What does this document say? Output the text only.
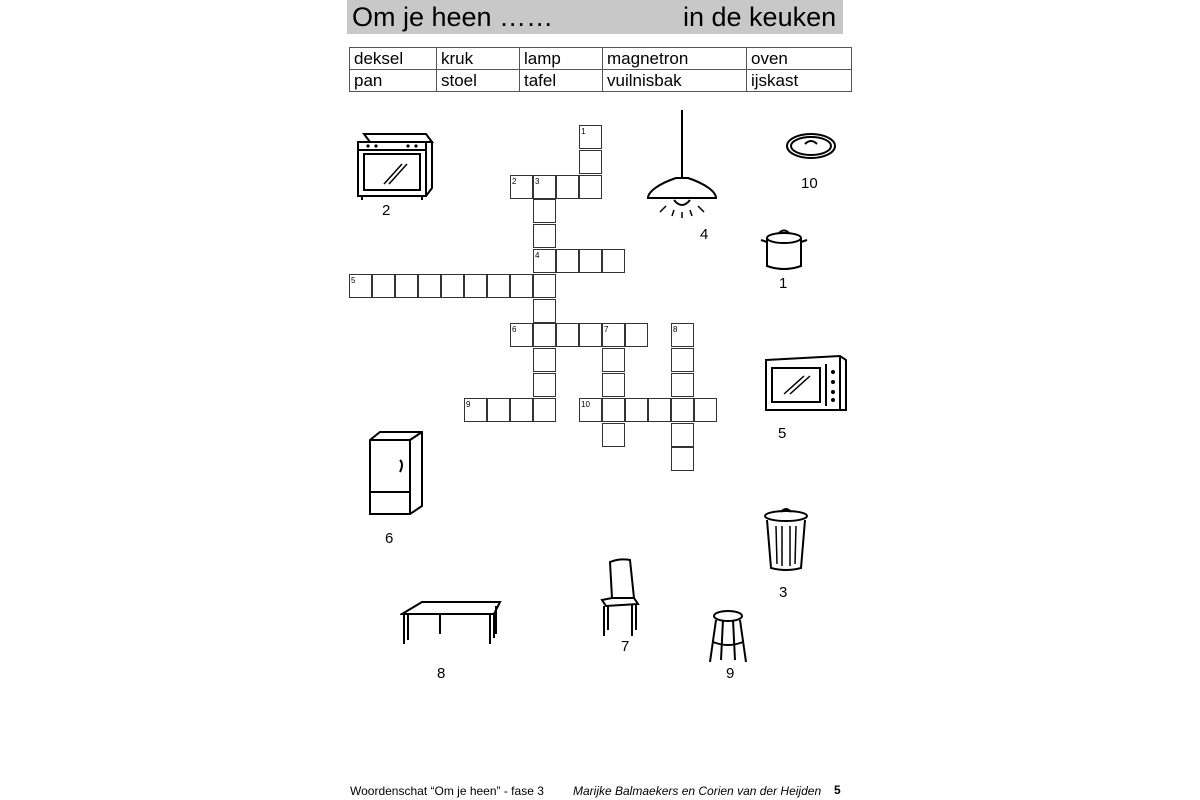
Om je heen ……	in de keuken
deksel	kruk	lamp	magnetron	oven
pan	stoel	tafel	vuilnisbak	ijskast
1
2 3
4
5
6	7	8
9	10
2
4
10
1
5
6
3
7
8	9
Woordenschat “Om je heen” - fase 3 Marijke Balmaekers en Corien van der Heijden 5
